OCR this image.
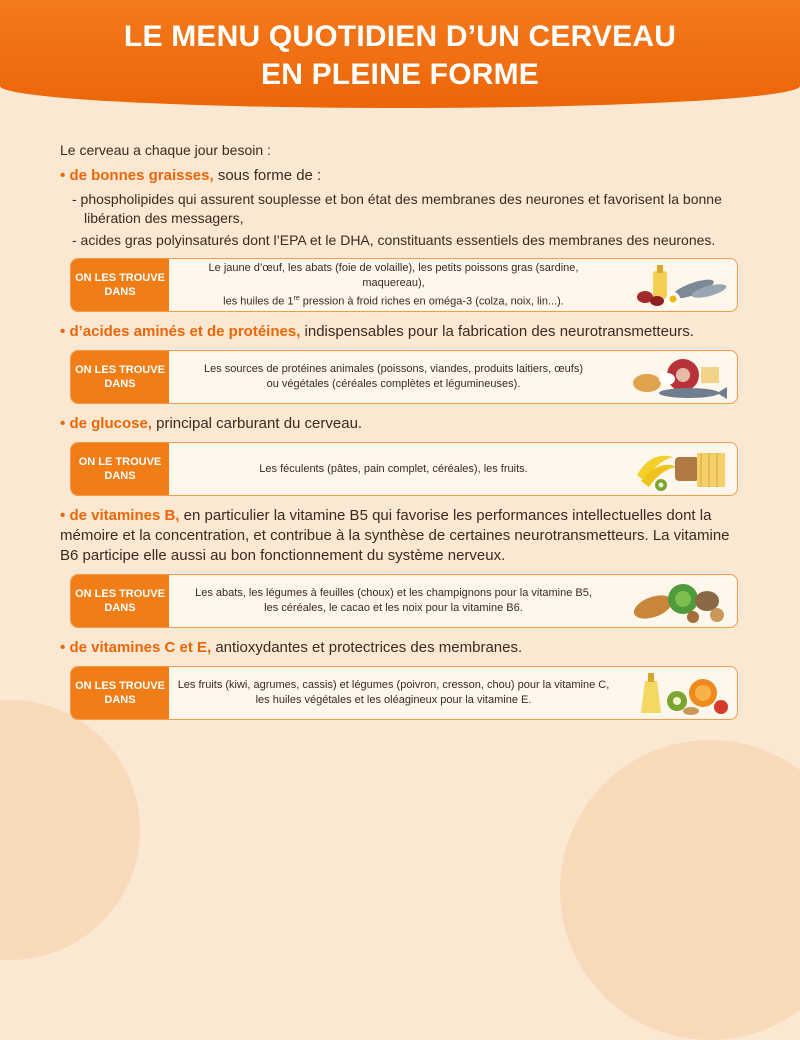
LE MENU QUOTIDIEN D’UN CERVEAU
EN PLEINE FORME

Le cerveau a chaque jour besoin :

• de bonnes graisses, sous forme de :
- phospholipides qui assurent souplesse et bon état des membranes des neurones et favorisent la bonne libération des messagers,
- acides gras polyinsaturés dont l’EPA et le DHA, constituants essentiels des membranes des neurones.
ON LES TROUVE
DANS
Le jaune d’œuf, les abats (foie de volaille), les petits poissons gras (sardine, maquereau),
les huiles de 1re pression à froid riches en oméga-3 (colza, noix, lin...).
• d’acides aminés et de protéines, indispensables pour la fabrication des neurotransmetteurs.
ON LES TROUVE
DANS
Les sources de protéines animales (poissons, viandes, produits laitiers, œufs)
ou végétales (céréales complètes et légumineuses).
• de glucose, principal carburant du cerveau.
ON LE TROUVE
DANS
Les féculents (pâtes, pain complet, céréales), les fruits.
• de vitamines B, en particulier la vitamine B5 qui favorise les performances intellectuelles dont la mémoire et la concentration, et contribue à la synthèse de certaines neurotransmetteurs. La vitamine B6 participe elle aussi au bon fonctionnement du système nerveux.
ON LES TROUVE
DANS
Les abats, les légumes à feuilles (choux) et les champignons pour la vitamine B5,
les céréales, le cacao et les noix pour la vitamine B6.
• de vitamines C et E, antioxydantes et protectrices des membranes.
ON LES TROUVE
DANS
Les fruits (kiwi, agrumes, cassis) et légumes (poivron, cresson, chou) pour la vitamine C,
les huiles végétales et les oléagineux pour la vitamine E.
